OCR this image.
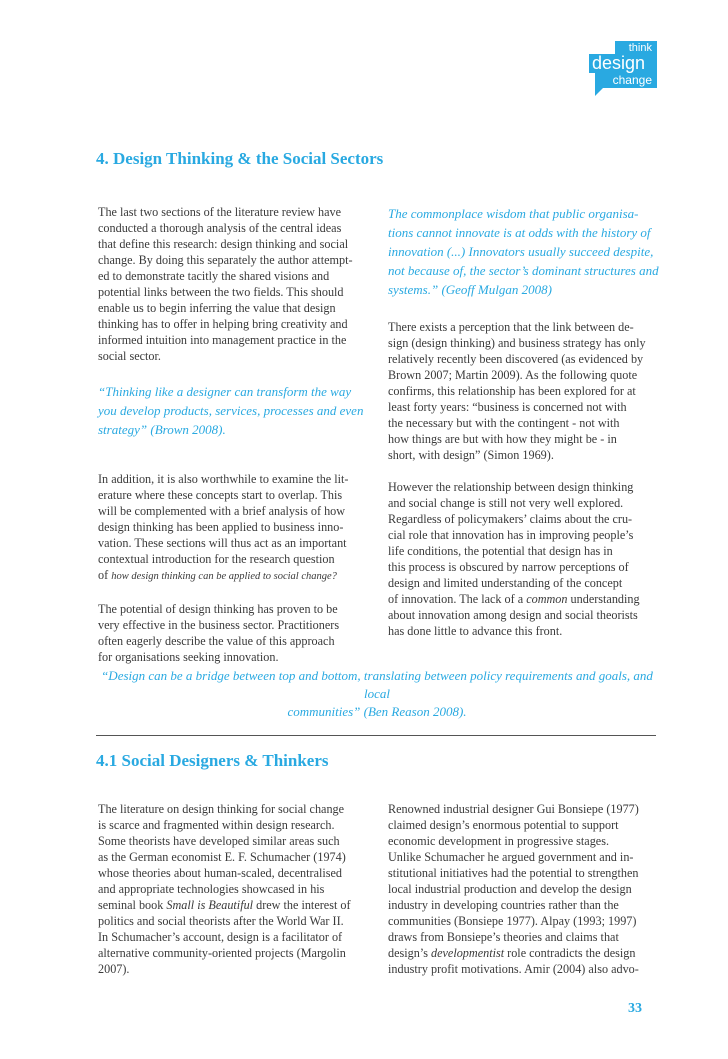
think
design
change
4. Design Thinking & the Social Sectors

The last two sections of the literature review have
conducted a thorough analysis of the central ideas
that define this research: design thinking and social
change. By doing this separately the author attempt-
ed to demonstrate tacitly the shared visions and
potential links between the two fields. This should
enable us to begin inferring the value that design
thinking has to offer in helping bring creativity and
informed intuition into management practice in the
social sector.

“Thinking like a designer can transform the way
you develop products, services, processes and even
strategy” (Brown 2008).

In addition, it is also worthwhile to examine the lit-
erature where these concepts start to overlap. This
will be complemented with a brief analysis of how
design thinking has been applied to business inno-
vation. These sections will thus act as an important
contextual introduction for the research question
of how design thinking can be applied to social change?

The potential of design thinking has proven to be
very effective in the business sector. Practitioners
often eagerly describe the value of this approach
for organisations seeking innovation.

The commonplace wisdom that public organisa-
tions cannot innovate is at odds with the history of
innovation (...) Innovators usually succeed despite,
not because of, the sector’s dominant structures and
systems.” (Geoff Mulgan 2008)

There exists a perception that the link between de-
sign (design thinking) and business strategy has only
relatively recently been discovered (as evidenced by
Brown 2007; Martin 2009). As the following quote
confirms, this relationship has been explored for at
least forty years: “business is concerned not with
the necessary but with the contingent - not with
how things are but with how they might be - in
short, with design” (Simon 1969).

However the relationship between design thinking
and social change is still not very well explored.
Regardless of policymakers’ claims about the cru-
cial role that innovation has in improving people’s
life conditions, the potential that design has in
this process is obscured by narrow perceptions of
design and limited understanding of the concept
of innovation. The lack of a common understanding
about innovation among design and social theorists
has done little to advance this front.

“Design can be a bridge between top and bottom, translating between policy requirements and goals, and local
communities” (Ben Reason 2008).
4.1 Social Designers & Thinkers

The literature on design thinking for social change
is scarce and fragmented within design research.
Some theorists have developed similar areas such
as the German economist E. F. Schumacher (1974)
whose theories about human-scaled, decentralised
and appropriate technologies showcased in his
seminal book Small is Beautiful drew the interest of
politics and social theorists after the World War II.
In Schumacher’s account, design is a facilitator of
alternative community-oriented projects (Margolin
2007).

Renowned industrial designer Gui Bonsiepe (1977)
claimed design’s enormous potential to support
economic development in progressive stages.
Unlike Schumacher he argued government and in-
stitutional initiatives had the potential to strengthen
local industrial production and develop the design
industry in developing countries rather than the
communities (Bonsiepe 1977). Alpay (1993; 1997)
draws from Bonsiepe’s theories and claims that
design’s developmentist role contradicts the design
industry profit motivations. Amir (2004) also advo-

33
